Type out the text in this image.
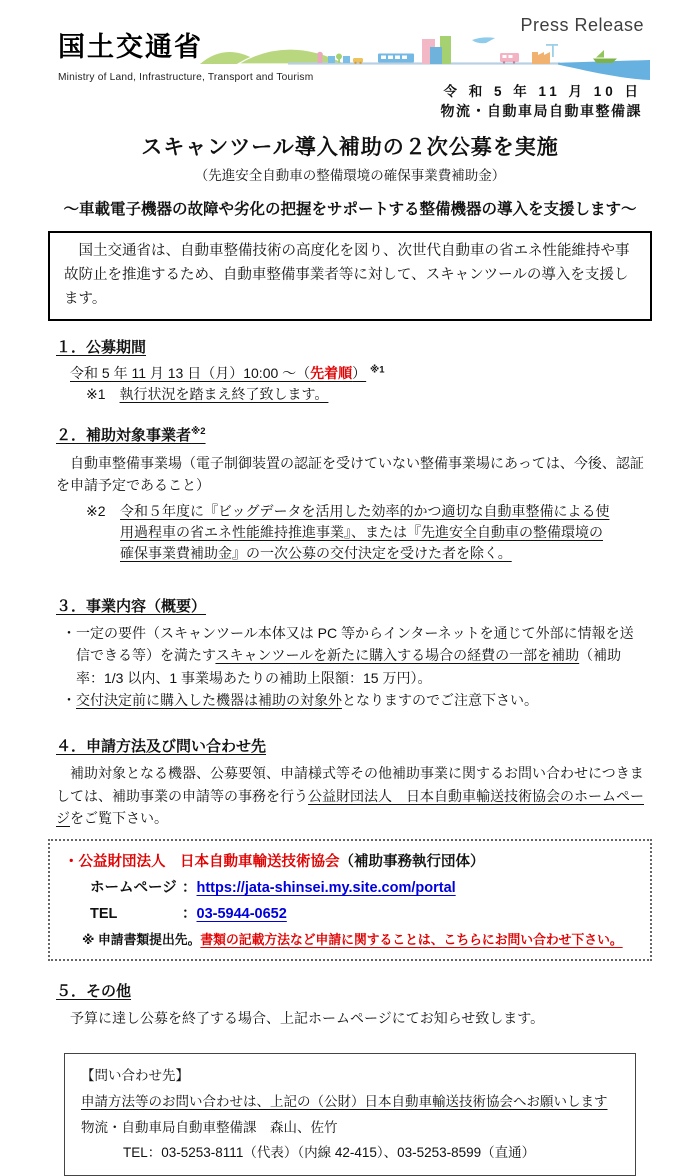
Press Release
国土交通省
Ministry of Land, Infrastructure, Transport and Tourism
令 和 5 年 11 月 10 日
物流・自動車局自動車整備課
スキャンツール導入補助の２次公募を実施
（先進安全自動車の整備環境の確保事業費補助金）
～車載電子機器の故障や劣化の把握をサポートする整備機器の導入を支援します～
　国土交通省は、自動車整備技術の高度化を図り、次世代自動車の省エネ性能維持や事故防止を推進するため、自動車整備事業者等に対して、スキャンツールの導入を支援します。
１．公募期間
令和 5 年 11 月 13 日（月）10:00 ～（先着順） $^{※1}$
※1　 執行状況を踏まえ終了致します。
２．補助対象事業者$^{※2}$
　自動車整備事業場（電子制御装置の認証を受けていない整備事業場にあっては、今後、認証を申請予定であること）
※2	令和５年度に『ビッグデータを活用した効率的かつ適切な自動車整備による使用過程車の省エネ性能維持推進事業』、または『先進安全自動車の整備環境の確保事業費補助金』の一次公募の交付決定を受けた者を除く。
３．事業内容（概要）
・一定の要件（スキャンツール本体又は PC 等からインターネットを通じて外部に情報を送信できる等）を満たすスキャンツールを新たに購入する場合の経費の一部を補助（補助率：1/3 以内、1 事業場あたりの補助上限額：15 万円）。
・交付決定前に購入した機器は補助の対象外となりますのでご注意下さい。
４．申請方法及び問い合わせ先
　補助対象となる機器、公募要領、申請様式等その他補助事業に関するお問い合わせにつきましては、補助事業の申請等の事務を行う公益財団法人　日本自動車輸送技術協会のホームページをご覧下さい。
・公益財団法人　日本自動車輸送技術協会（補助事務執行団体）
ホームページ ：https://jata-shinsei.my.site.com/portal
TEL	：03-5944-0652
※ 申請書類提出先。書類の記載方法など申請に関することは、こちらにお問い合わせ下さい。
５．その他
　予算に達し公募を終了する場合、上記ホームページにてお知らせ致します。
【問い合わせ先】
申請方法等のお問い合わせは、上記の（公財）日本自動車輸送技術協会へお願いします
物流・自動車局自動車整備課　森山、佐竹
TEL：03-5253-8111（代表）（内線 42-415）、03-5253-8599（直通）
